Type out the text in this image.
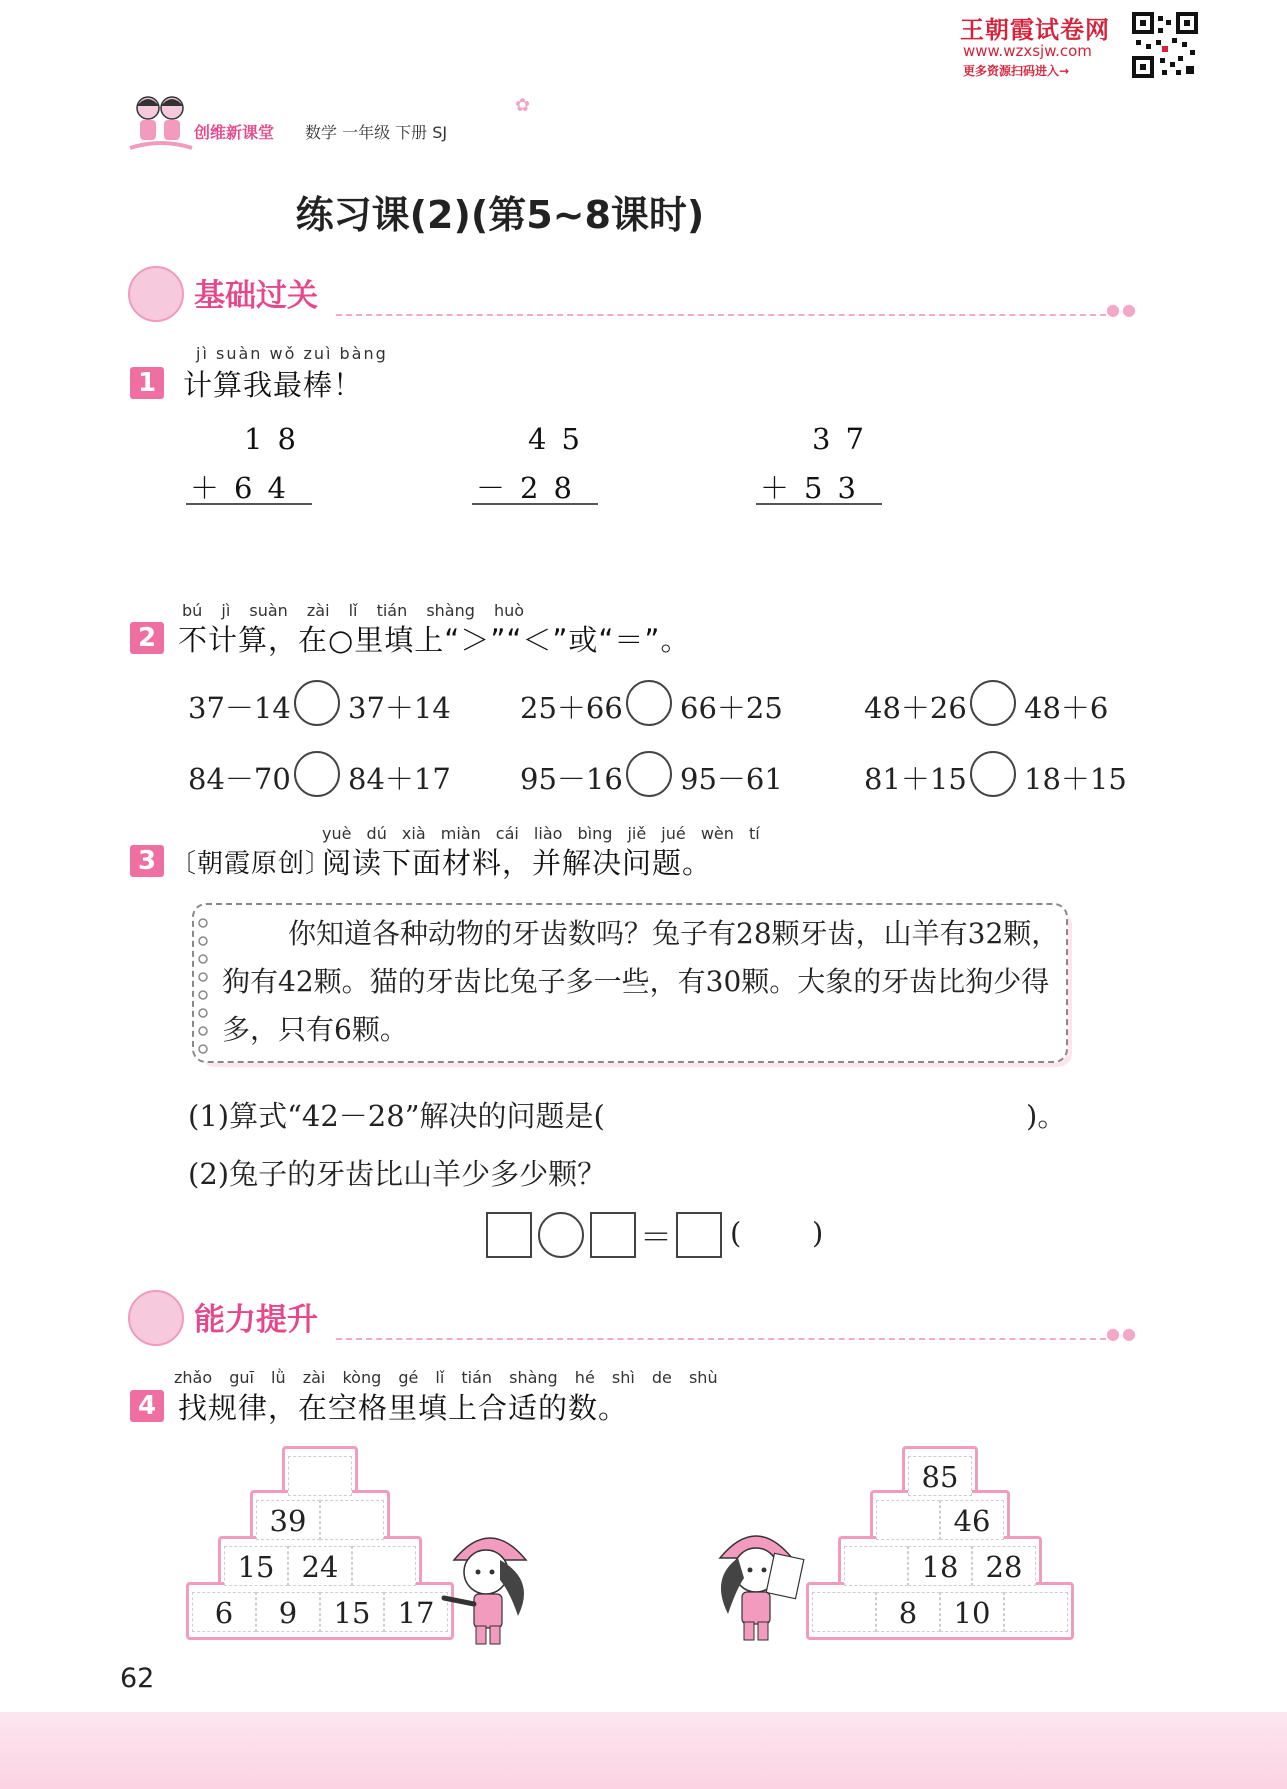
王朝霞试卷网
www.wzxsjw.com
更多资源扫码进入→
创维新课堂 数学 一年级 下册 SJ
✿
练习课(2)(第5~8课时)
基础过关	●●
jì suàn wǒ zuì bàng
1 计算我最棒！
18
＋64
45
－28
37
＋53
bú jì suàn zài lǐ tián shàng huò
2 不计算，在○里填上“＞”“＜”或“＝”。
37－14 37＋14 25＋66 66＋25	48＋26 48＋6
84－70 84＋17 95－16 95－61	81＋15 18＋15
yuè dú xià miàn cái liào bìng jiě jué wèn tí
3 〔朝霞原创〕
阅读下面材料，并解决问题。
你知道各种动物的牙齿数吗？兔子有28颗牙齿，山羊有32颗，狗有42颗。猫的牙齿比兔子多一些，有30颗。大象的牙齿比狗少得多，只有6颗。
(1)算式“42－28”解决的问题是(	)。
(2)兔子的牙齿比山羊少多少颗？
＝ ( )
能力提升	●●
zhǎo guī lǜ zài kòng gé lǐ tián shàng hé shì de shù
4 找规律，在空格里填上合适的数。
39
15 24
6	9	15 17
85
46
18 28
8	10
62
